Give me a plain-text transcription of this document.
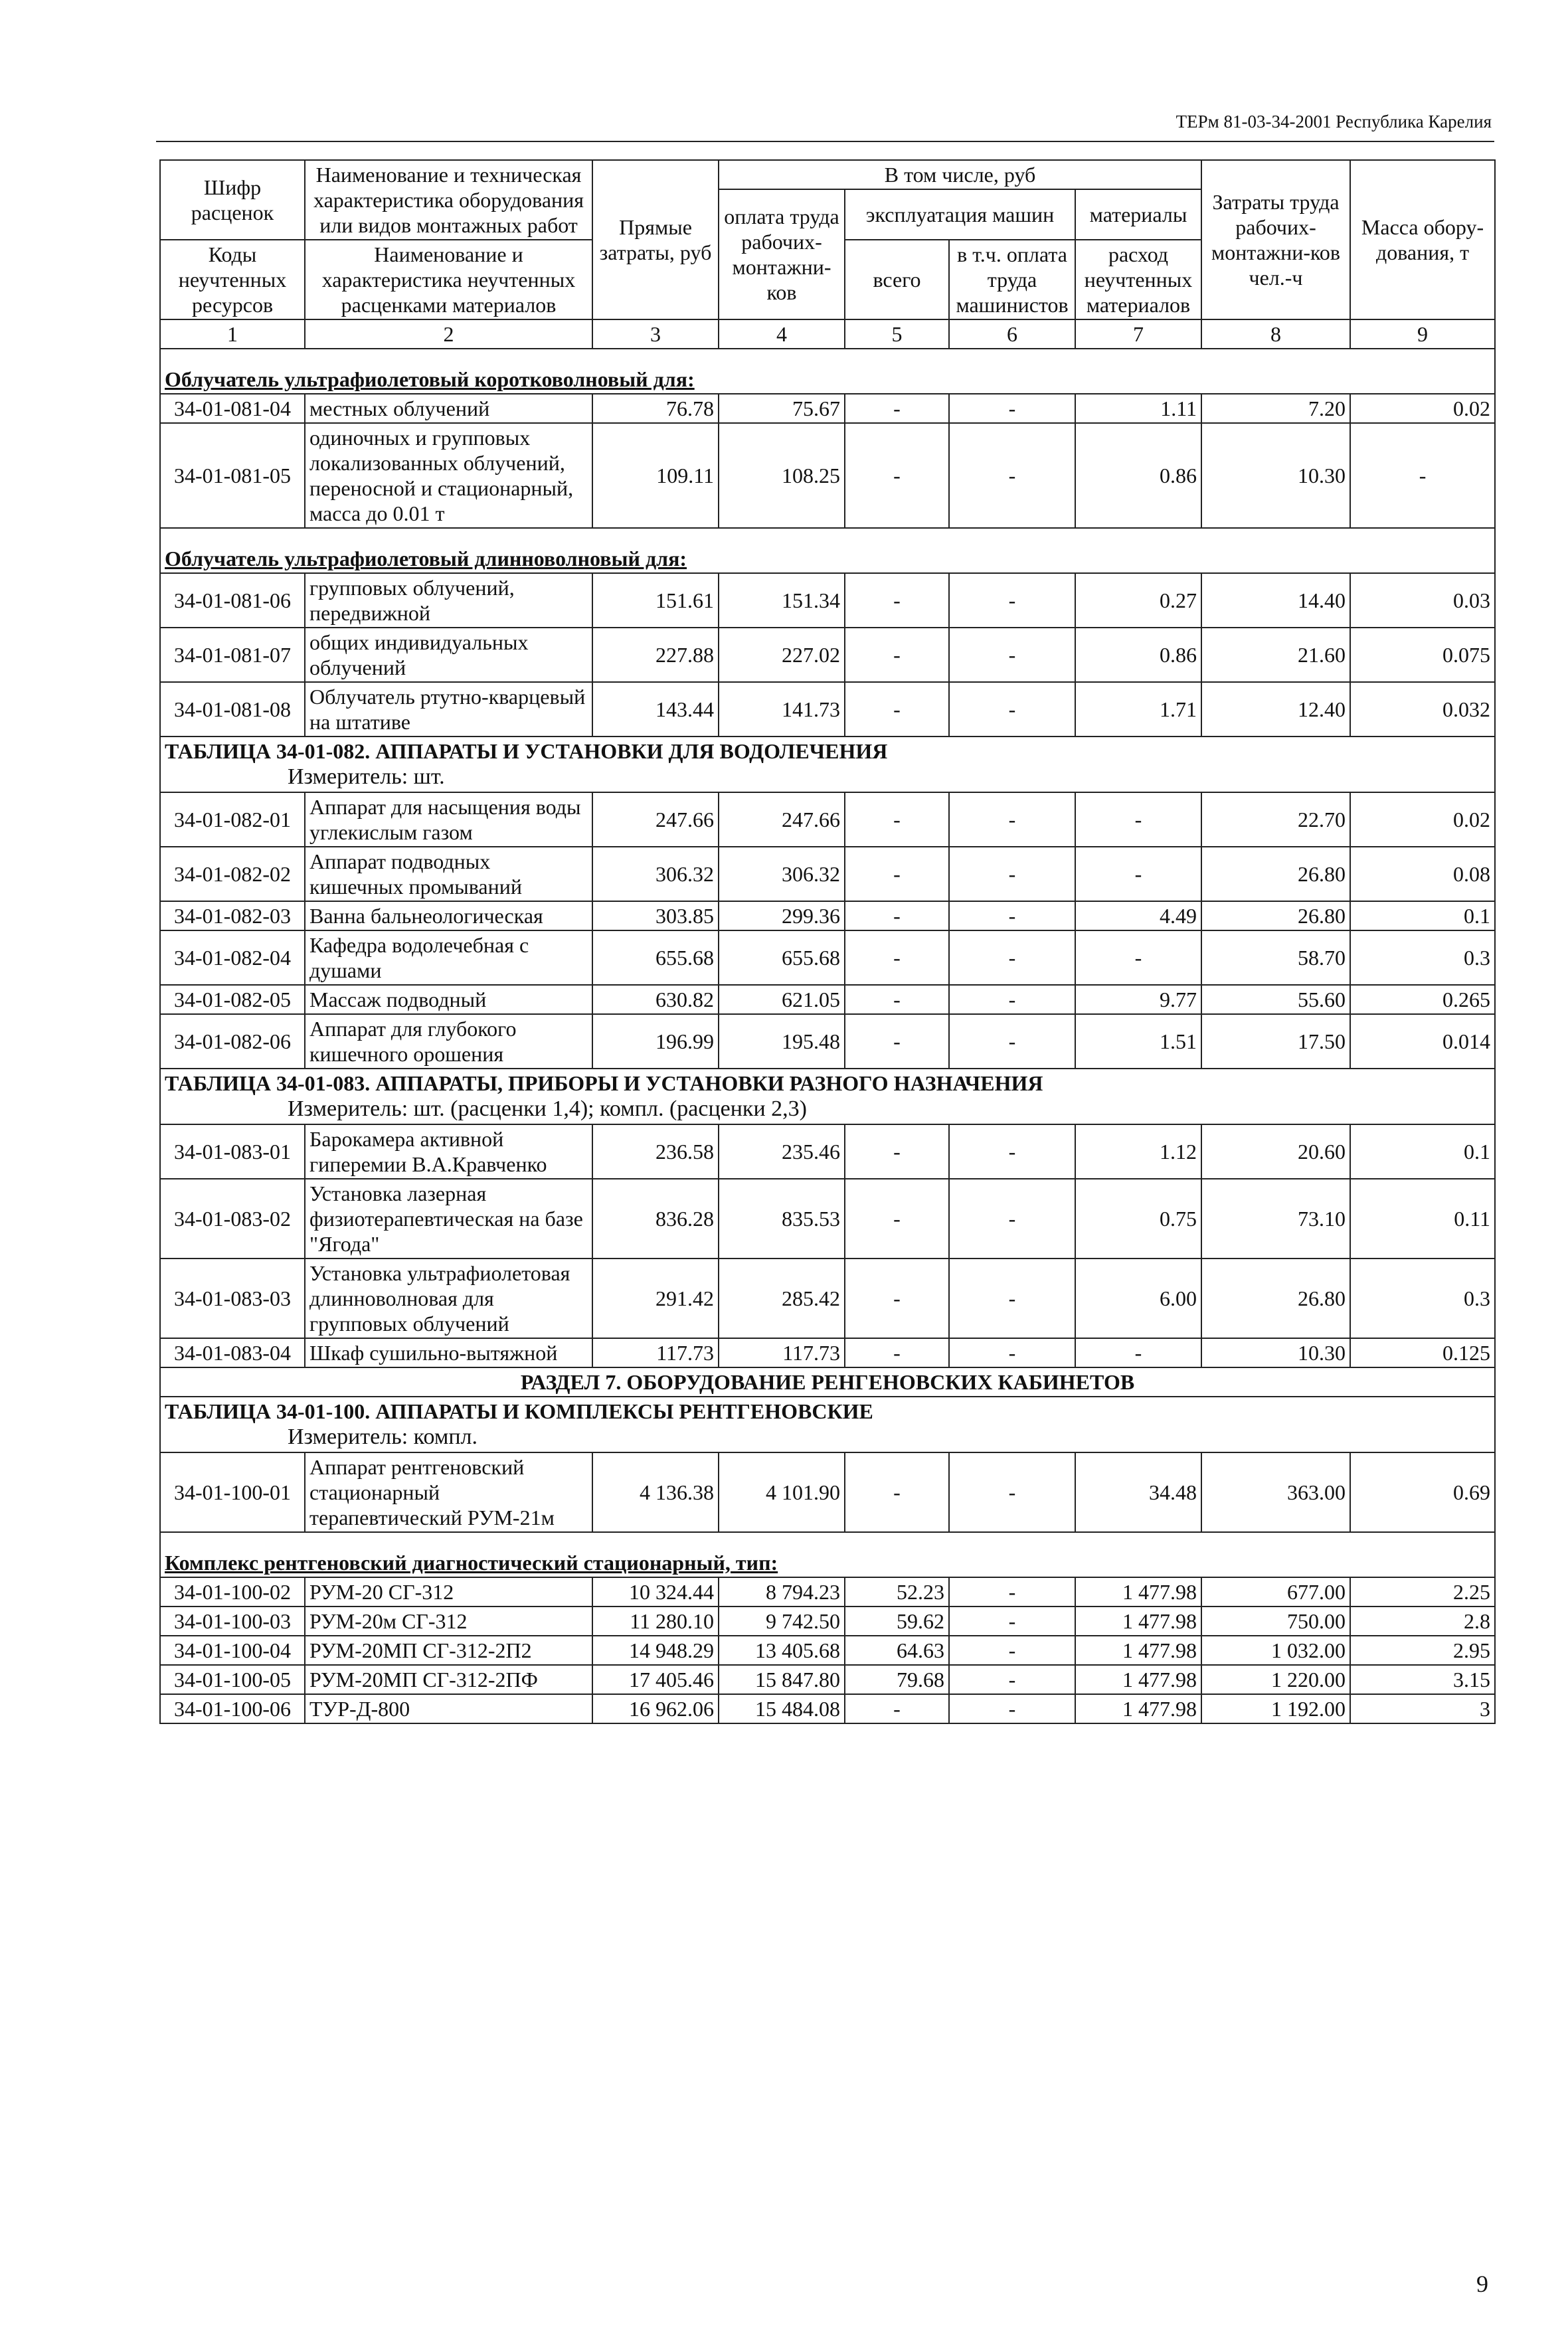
ТЕРм 81-03-34-2001 Республика Карелия
Шифр расценок	Наименование и техническая характеристика оборудования или видов монтажных работ	Прямые затраты, руб	В том числе, руб				Затраты труда рабочих-монтажни-ков чел.-ч	Масса обору-дования, т
			оплата труда рабочих-монтажни-ков	эксплуатация машин		материалы		
Коды неучтенных ресурсов	Наименование и характеристика неучтенных расценками материалов			всего	в т.ч. оплата труда машинистов	расход неучтенных материалов		

1	2	3	4	5	6	7	8	9
Облучатель ультрафиолетовый коротковолновый для:								
34-01-081-04	местных облучений	76.78	75.67	-	-	1.11	7.20	0.02
34-01-081-05	одиночных и групповых локализованных облучений, переносной и стационарный, масса до 0.01 т	109.11	108.25	-	-	0.86	10.30	-
Облучатель ультрафиолетовый длинноволновый для:								
34-01-081-06	групповых облучений, передвижной	151.61	151.34	-	-	0.27	14.40	0.03
34-01-081-07	общих индивидуальных облучений	227.88	227.02	-	-	0.86	21.60	0.075
34-01-081-08	Облучатель ртутно-кварцевый на штативе	143.44	141.73	-	-	1.71	12.40	0.032

ТАБЛИЦА 34-01-082. АППАРАТЫ И УСТАНОВКИ ДЛЯ ВОДОЛЕЧЕНИЯ
Измеритель: шт.								

34-01-082-01	Аппарат для насыщения воды углекислым газом	247.66	247.66	-	-	-	22.70	0.02
34-01-082-02	Аппарат подводных кишечных промываний	306.32	306.32	-	-	-	26.80	0.08
34-01-082-03	Ванна бальнеологическая	303.85	299.36	-	-	4.49	26.80	0.1
34-01-082-04	Кафедра водолечебная с душами	655.68	655.68	-	-	-	58.70	0.3
34-01-082-05	Массаж подводный	630.82	621.05	-	-	9.77	55.60	0.265
34-01-082-06	Аппарат для глубокого кишечного орошения	196.99	195.48	-	-	1.51	17.50	0.014

ТАБЛИЦА 34-01-083. АППАРАТЫ, ПРИБОРЫ И УСТАНОВКИ РАЗНОГО НАЗНАЧЕНИЯ
Измеритель: шт. (расценки 1,4); компл. (расценки 2,3)								

34-01-083-01	Барокамера активной гиперемии В.А.Кравченко	236.58	235.46	-	-	1.12	20.60	0.1
34-01-083-02	Установка лазерная физиотерапевтическая на базе "Ягода"	836.28	835.53	-	-	0.75	73.10	0.11
34-01-083-03	Установка ультрафиолетовая длинноволновая для групповых облучений	291.42	285.42	-	-	6.00	26.80	0.3
34-01-083-04	Шкаф сушильно-вытяжной	117.73	117.73	-	-	-	10.30	0.125
РАЗДЕЛ 7. ОБОРУДОВАНИЕ РЕНГЕНОВСКИХ КАБИНЕТОВ								

ТАБЛИЦА 34-01-100. АППАРАТЫ И КОМПЛЕКСЫ РЕНТГЕНОВСКИЕ
Измеритель: компл.								

34-01-100-01	Аппарат рентгеновский стационарный терапевтический РУМ-21м	4 136.38	4 101.90	-	-	34.48	363.00	0.69
Комплекс рентгеновский диагностический стационарный, тип:								
34-01-100-02	РУМ-20 СГ-312	10 324.44	8 794.23	52.23	-	1 477.98	677.00	2.25
34-01-100-03	РУМ-20м СГ-312	11 280.10	9 742.50	59.62	-	1 477.98	750.00	2.8
34-01-100-04	РУМ-20МП СГ-312-2П2	14 948.29	13 405.68	64.63	-	1 477.98	1 032.00	2.95
34-01-100-05	РУМ-20МП СГ-312-2ПФ	17 405.46	15 847.80	79.68	-	1 477.98	1 220.00	3.15
34-01-100-06	ТУР-Д-800	16 962.06	15 484.08	-	-	1 477.98	1 192.00	3
9
